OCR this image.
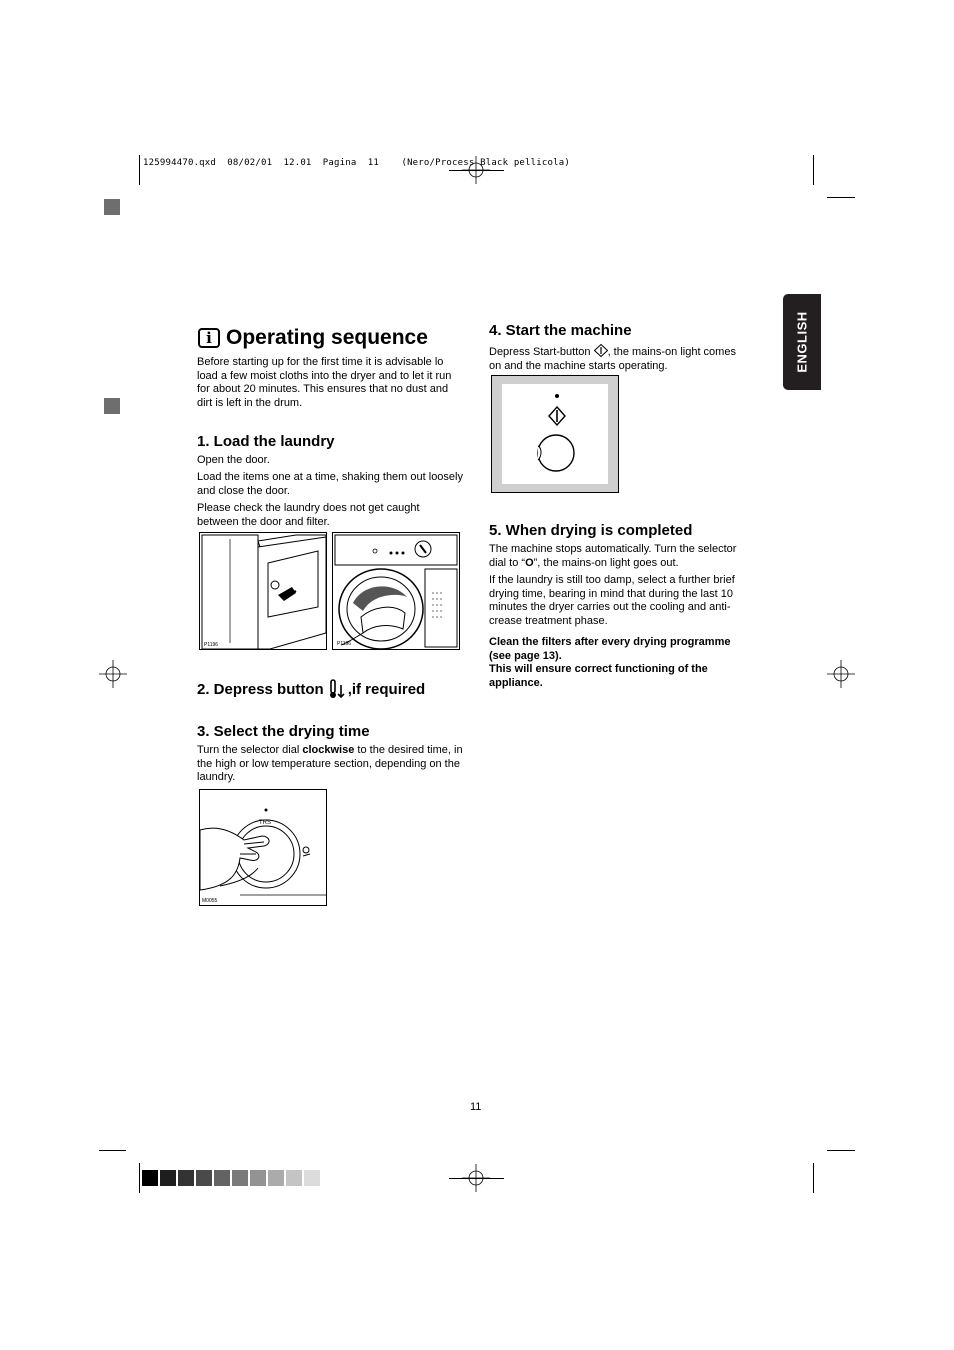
125994470.qxd  08/02/01  12.01  Pagina  11    (Nero/Process Black pellicola)
ENGLISH
i Operating sequence

Before starting up for the first time it is advisable lo load a few moist cloths into the dryer and to let it run for about 20 minutes. This ensures that no dust and dirt is left in the drum.

1. Load the laundry

Open the door.

Load the items one at a time, shaking them out loosely and close the door.

Please check the laundry does not get caught between the door and filter.

P1196	P1196
2. Depress button ,if required
3. Select the drying time

Turn the selector dial clockwise to the desired time, in the high or low temperature section, depending on the laundry.

TRS
M0055
4. Start the machine

Depress Start-button , the mains-on light comes on and the machine starts operating.

5. When drying is completed

The machine stops automatically. Turn the selector dial to “O”, the mains-on light goes out.

If the laundry is still too damp, select a further brief drying time, bearing in mind that during the last 10 minutes the dryer carries out the cooling and anti-crease treatment phase.

Clean the filters after every drying programme (see page 13).

This will ensure correct functioning of the appliance.

11
